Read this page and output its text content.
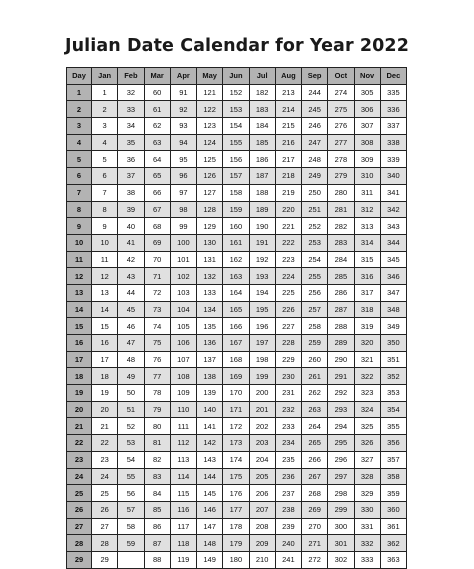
Julian Date Calendar for Year 2022
Day	Jan	Feb	Mar	Apr	May	Jun	Jul	Aug	Sep	Oct	Nov	Dec
1	1	32	60	91	121	152	182	213	244	274	305	335
2	2	33	61	92	122	153	183	214	245	275	306	336
3	3	34	62	93	123	154	184	215	246	276	307	337
4	4	35	63	94	124	155	185	216	247	277	308	338
5	5	36	64	95	125	156	186	217	248	278	309	339
6	6	37	65	96	126	157	187	218	249	279	310	340
7	7	38	66	97	127	158	188	219	250	280	311	341
8	8	39	67	98	128	159	189	220	251	281	312	342
9	9	40	68	99	129	160	190	221	252	282	313	343
10	10	41	69	100	130	161	191	222	253	283	314	344
11	11	42	70	101	131	162	192	223	254	284	315	345
12	12	43	71	102	132	163	193	224	255	285	316	346
13	13	44	72	103	133	164	194	225	256	286	317	347
14	14	45	73	104	134	165	195	226	257	287	318	348
15	15	46	74	105	135	166	196	227	258	288	319	349
16	16	47	75	106	136	167	197	228	259	289	320	350
17	17	48	76	107	137	168	198	229	260	290	321	351
18	18	49	77	108	138	169	199	230	261	291	322	352
19	19	50	78	109	139	170	200	231	262	292	323	353
20	20	51	79	110	140	171	201	232	263	293	324	354
21	21	52	80	111	141	172	202	233	264	294	325	355
22	22	53	81	112	142	173	203	234	265	295	326	356
23	23	54	82	113	143	174	204	235	266	296	327	357
24	24	55	83	114	144	175	205	236	267	297	328	358
25	25	56	84	115	145	176	206	237	268	298	329	359
26	26	57	85	116	146	177	207	238	269	299	330	360
27	27	58	86	117	147	178	208	239	270	300	331	361
28	28	59	87	118	148	179	209	240	271	301	332	362
29	29		88	119	149	180	210	241	272	302	333	363
